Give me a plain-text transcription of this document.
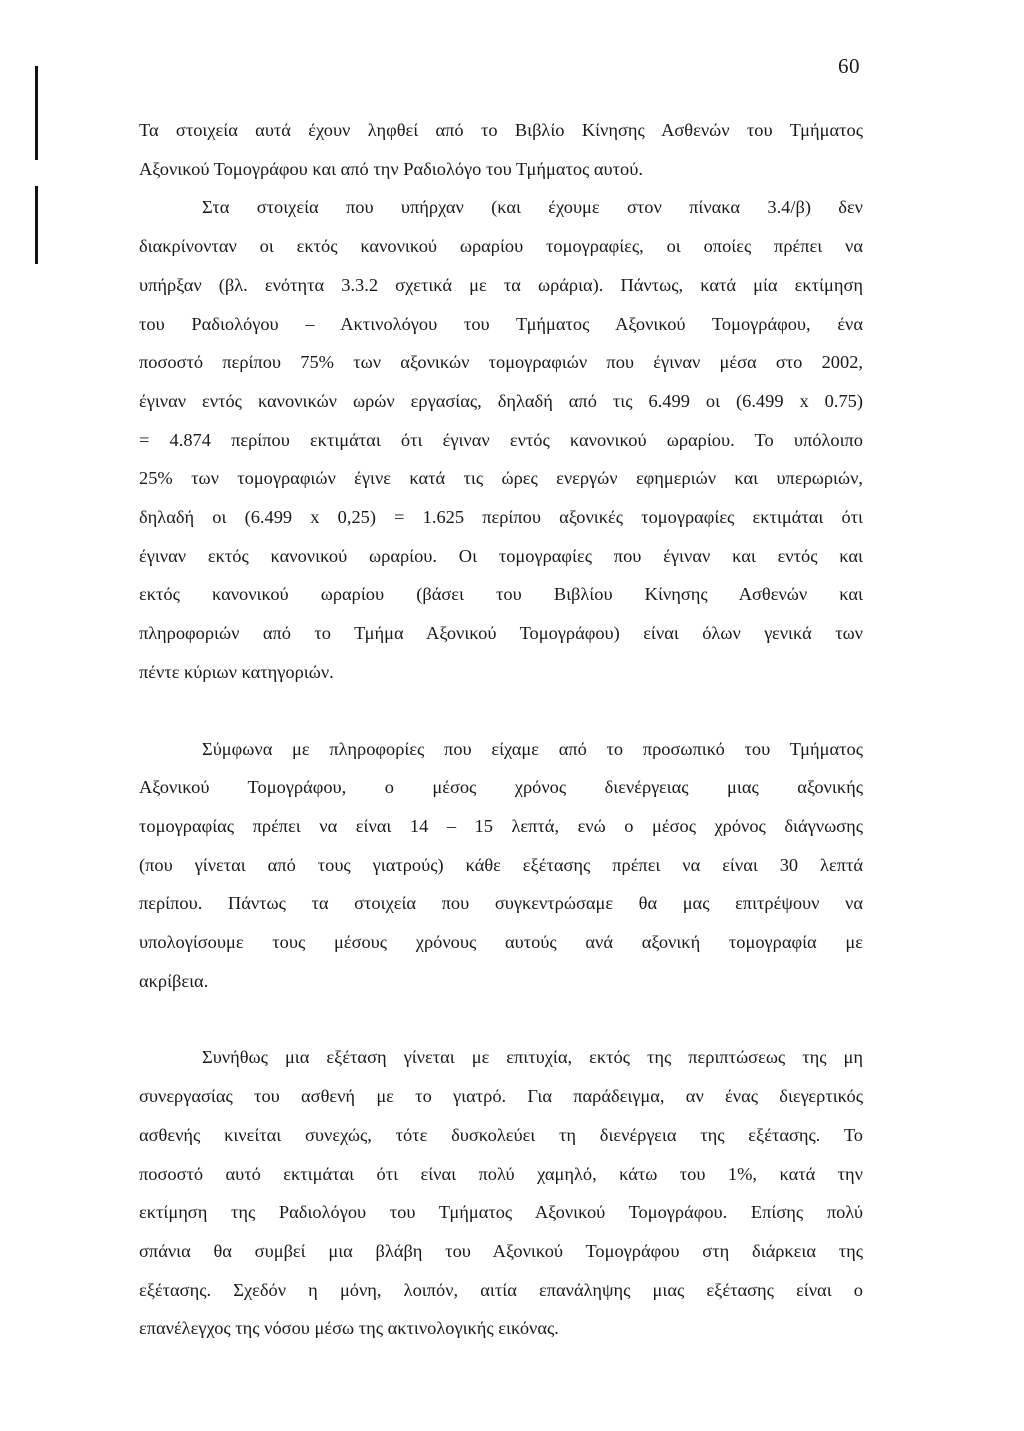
60

Τα στοιχεία αυτά έχουν ληφθεί από το Βιβλίο Κίνησης Ασθενών του Τμήματος
Αξονικού Τομογράφου και από την Ραδιολόγο του Τμήματος αυτού.

Στα στοιχεία που υπήρχαν (και έχουμε στον πίνακα 3.4/β) δεν
διακρίνονταν οι εκτός κανονικού ωραρίου τομογραφίες, οι οποίες πρέπει να
υπήρξαν (βλ. ενότητα 3.3.2 σχετικά με τα ωράρια). Πάντως, κατά μία εκτίμηση
του Ραδιολόγου – Ακτινολόγου του Τμήματος Αξονικού Τομογράφου, ένα
ποσοστό περίπου 75% των αξονικών τομογραφιών που έγιναν μέσα στο 2002,
έγιναν εντός κανονικών ωρών εργασίας, δηλαδή από τις 6.499 οι (6.499 x 0.75)
= 4.874 περίπου εκτιμάται ότι έγιναν εντός κανονικού ωραρίου. Το υπόλοιπο
25% των τομογραφιών έγινε κατά τις ώρες ενεργών εφημεριών και υπερωριών,
δηλαδή οι (6.499 x 0,25) = 1.625 περίπου αξονικές τομογραφίες εκτιμάται ότι
έγιναν εκτός κανονικού ωραρίου. Οι τομογραφίες που έγιναν και εντός και
εκτός κανονικού ωραρίου (βάσει του Βιβλίου Κίνησης Ασθενών και
πληροφοριών από το Τμήμα Αξονικού Τομογράφου) είναι όλων γενικά των
πέντε κύριων κατηγοριών.

Σύμφωνα με πληροφορίες που είχαμε από το προσωπικό του Τμήματος
Αξονικού Τομογράφου, ο μέσος χρόνος διενέργειας μιας αξονικής
τομογραφίας πρέπει να είναι 14 – 15 λεπτά, ενώ ο μέσος χρόνος διάγνωσης
(που γίνεται από τους γιατρούς) κάθε εξέτασης πρέπει να είναι 30 λεπτά
περίπου. Πάντως τα στοιχεία που συγκεντρώσαμε θα μας επιτρέψουν να
υπολογίσουμε τους μέσους χρόνους αυτούς ανά αξονική τομογραφία με
ακρίβεια.

Συνήθως μια εξέταση γίνεται με επιτυχία, εκτός της περιπτώσεως της μη
συνεργασίας του ασθενή με το γιατρό. Για παράδειγμα, αν ένας διεγερτικός
ασθενής κινείται συνεχώς, τότε δυσκολεύει τη διενέργεια της εξέτασης. Το
ποσοστό αυτό εκτιμάται ότι είναι πολύ χαμηλό, κάτω του 1%, κατά την
εκτίμηση της Ραδιολόγου του Τμήματος Αξονικού Τομογράφου. Επίσης πολύ
σπάνια θα συμβεί μια βλάβη του Αξονικού Τομογράφου στη διάρκεια της
εξέτασης. Σχεδόν η μόνη, λοιπόν, αιτία επανάληψης μιας εξέτασης είναι ο
επανέλεγχος της νόσου μέσω της ακτινολογικής εικόνας.
